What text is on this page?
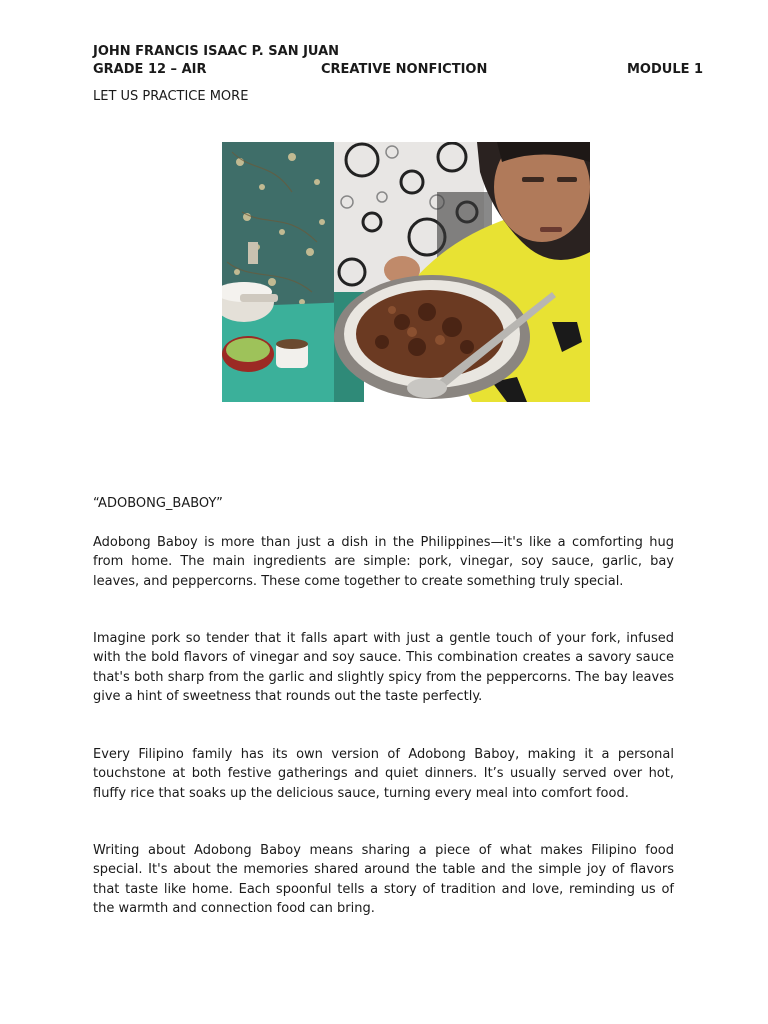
JOHN FRANCIS ISAAC P. SAN JUAN
GRADE 12 – AIR	CREATIVE NONFICTION	MODULE 1
LET US PRACTICE MORE
“ADOBONG_BABOY”

Adobong Baboy is more than just a dish in the Philippines—it's like a comforting hug from home. The main ingredients are simple: pork, vinegar, soy sauce, garlic, bay leaves, and peppercorns. These come together to create something truly special.

Imagine pork so tender that it falls apart with just a gentle touch of your fork, infused with the bold flavors of vinegar and soy sauce. This combination creates a savory sauce that's both sharp from the garlic and slightly spicy from the peppercorns. The bay leaves give a hint of sweetness that rounds out the taste perfectly.

Every Filipino family has its own version of Adobong Baboy, making it a personal touchstone at both festive gatherings and quiet dinners. It’s usually served over hot, fluffy rice that soaks up the delicious sauce, turning every meal into comfort food.

Writing about Adobong Baboy means sharing a piece of what makes Filipino food special. It's about the memories shared around the table and the simple joy of flavors that taste like home. Each spoonful tells a story of tradition and love, reminding us of the warmth and connection food can bring.
